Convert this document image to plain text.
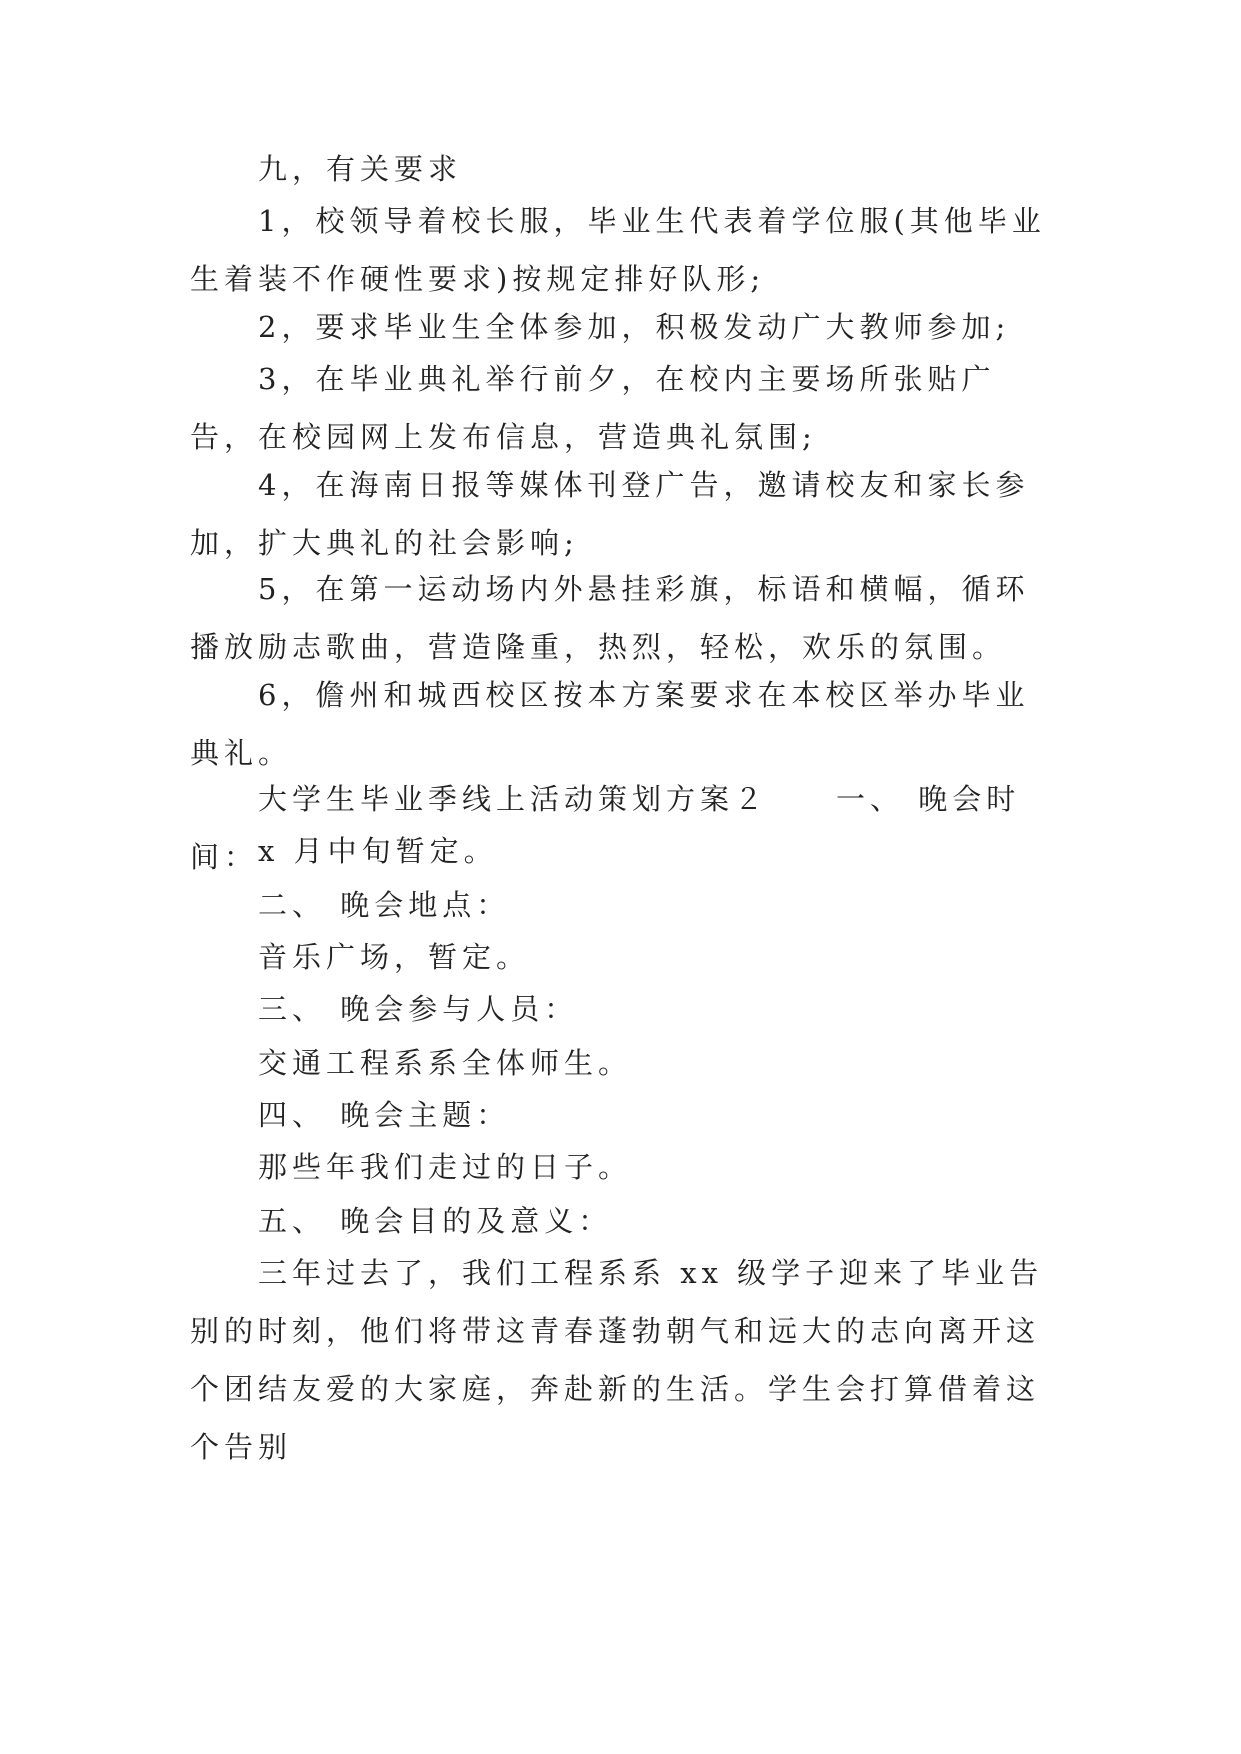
九，有关要求
1，校领导着校长服，毕业生代表着学位服(其他毕业生着装不作硬性要求)按规定排好队形;
2，要求毕业生全体参加，积极发动广大教师参加;
3，在毕业典礼举行前夕，在校内主要场所张贴广告，在校园网上发布信息，营造典礼氛围;
4，在海南日报等媒体刊登广告，邀请校友和家长参加，扩大典礼的社会影响;
5，在第一运动场内外悬挂彩旗，标语和横幅，循环播放励志歌曲，营造隆重，热烈，轻松，欢乐的氛围。
6，儋州和城西校区按本方案要求在本校区举办毕业典礼。
大学生毕业季线上活动策划方案２　　一、 晚会时间： x 月中旬暂定。
二、 晚会地点：
音乐广场，暂定。
三、 晚会参与人员：
交通工程系系全体师生。
四、 晚会主题：
那些年我们走过的日子。
五、 晚会目的及意义：
三年过去了，我们工程系系 xx 级学子迎来了毕业告别的时刻，他们将带这青春蓬勃朝气和远大的志向离开这个团结友爱的大家庭，奔赴新的生活。学生会打算借着这个告别
